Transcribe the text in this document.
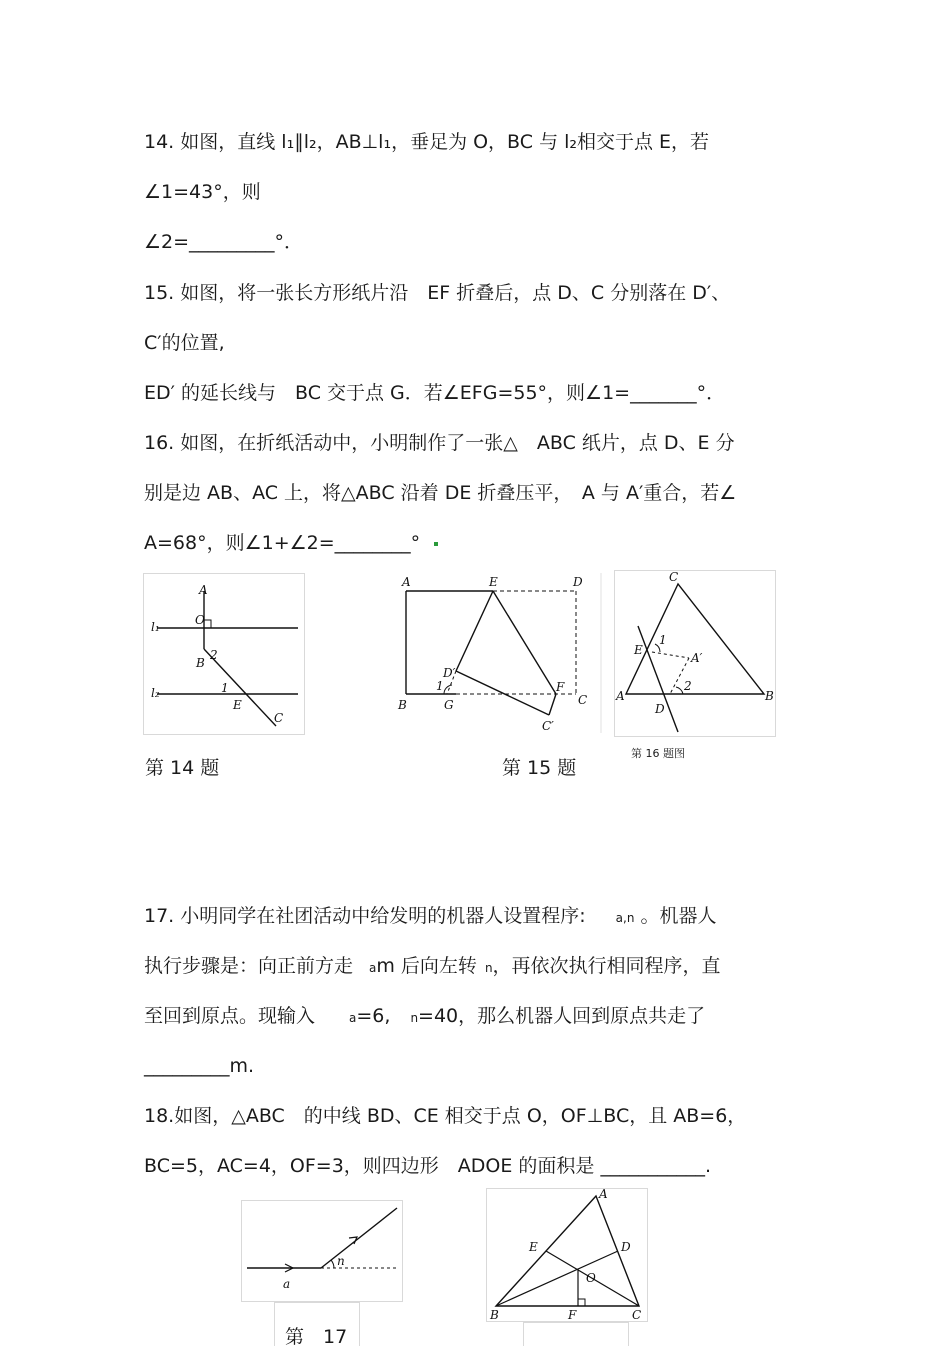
14. 如图，直线 l₁∥l₂，AB⊥l₁，垂足为 O，BC 与 l₂相交于点 E，若
∠1=43°，则
∠2=_________°．
15. 如图，将一张长方形纸片沿　EF 折叠后，点 D、C 分别落在 D′、
C′的位置,
ED′ 的延长线与　BC 交于点 G．若∠EFG=55°，则∠1=_______°．
16. 如图，在折纸活动中，小明制作了一张△　ABC 纸片，点 D、E 分
别是边 AB、AC 上，将△ABC 沿着 DE 折叠压平，　A 与 A′重合，若∠
A=68°，则∠1+∠2=________°
A
O
l₁
2
B
l₂	1
E
C
第 14 题
A	E	D
D′
1	F
C
B	G
C′
第 15 题
C
E
1
A′
2
A
D
B
第 16 题图
17. 小明同学在社团活动中给发明的机器人设置程序:	a,n 。机器人
执行步骤是：向正前方走 am 后向左转 n，再依次执行相同程序，直
至回到原点。现输入	a=6, n=40，那么机器人回到原点共走了
_________m.
18.如图，△ABC　的中线 BD、CE 相交于点 O，OF⊥BC，且 AB=6，
BC=5，AC=4，OF=3，则四边形　ADOE 的面积是 ___________.
n
a
第　17
A
E	D
O
B	F	C
